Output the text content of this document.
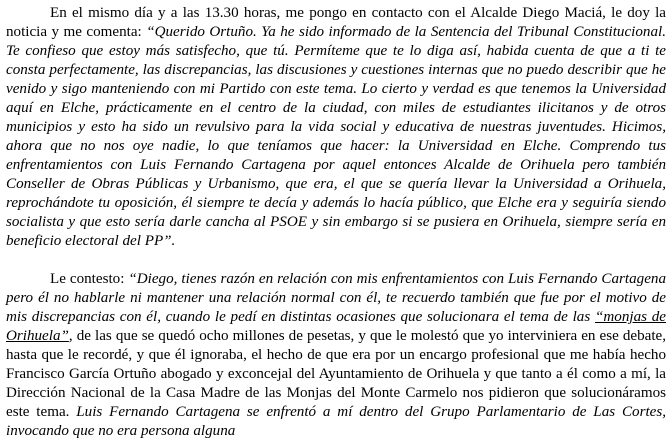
En el mismo día y a las 13.30 horas, me pongo en contacto con el Alcalde Diego Maciá, le doy la noticia y me comenta: “Querido Ortuño. Ya he sido informado de la Sentencia del Tribunal Constitucional. Te confieso que estoy más satisfecho, que tú. Permíteme que te lo diga así, habida cuenta de que a ti te consta perfectamente, las discrepancias, las discusiones y cuestiones internas que no puedo describir que he venido y sigo manteniendo con mi Partido con este tema. Lo cierto y verdad es que tenemos la Universidad aquí en Elche, prácticamente en el centro de la ciudad, con miles de estudiantes ilicitanos y de otros municipios y esto ha sido un revulsivo para la vida social y educativa de nuestras juventudes. Hicimos, ahora que no nos oye nadie, lo que teníamos que hacer: la Universidad en Elche. Comprendo tus enfrentamientos con Luis Fernando Cartagena por aquel entonces Alcalde de Orihuela pero también Conseller de Obras Públicas y Urbanismo, que era, el que se quería llevar la Universidad a Orihuela, reprochándote tu oposición, él siempre te decía y además lo hacía público, que Elche era y seguiría siendo socialista y que esto sería darle cancha al PSOE y sin embargo si se pusiera en Orihuela, siempre sería en beneficio electoral del PP”.

Le contesto: “Diego, tienes razón en relación con mis enfrentamientos con Luis Fernando Cartagena pero él no hablarle ni mantener una relación normal con él, te recuerdo también que fue por el motivo de mis discrepancias con él, cuando le pedí en distintas ocasiones que solucionara el tema de las “monjas de Orihuela”, de las que se quedó ocho millones de pesetas, y que le molestó que yo interviniera en ese debate, hasta que le recordé, y que él ignoraba, el hecho de que era por un encargo profesional que me había hecho Francisco García Ortuño abogado y exconcejal del Ayuntamiento de Orihuela y que tanto a él como a mí, la Dirección Nacional de la Casa Madre de las Monjas del Monte Carmelo nos pidieron que solucionáramos este tema. Luis Fernando Cartagena se enfrentó a mí dentro del Grupo Parlamentario de Las Cortes, invocando que no era persona alguna
